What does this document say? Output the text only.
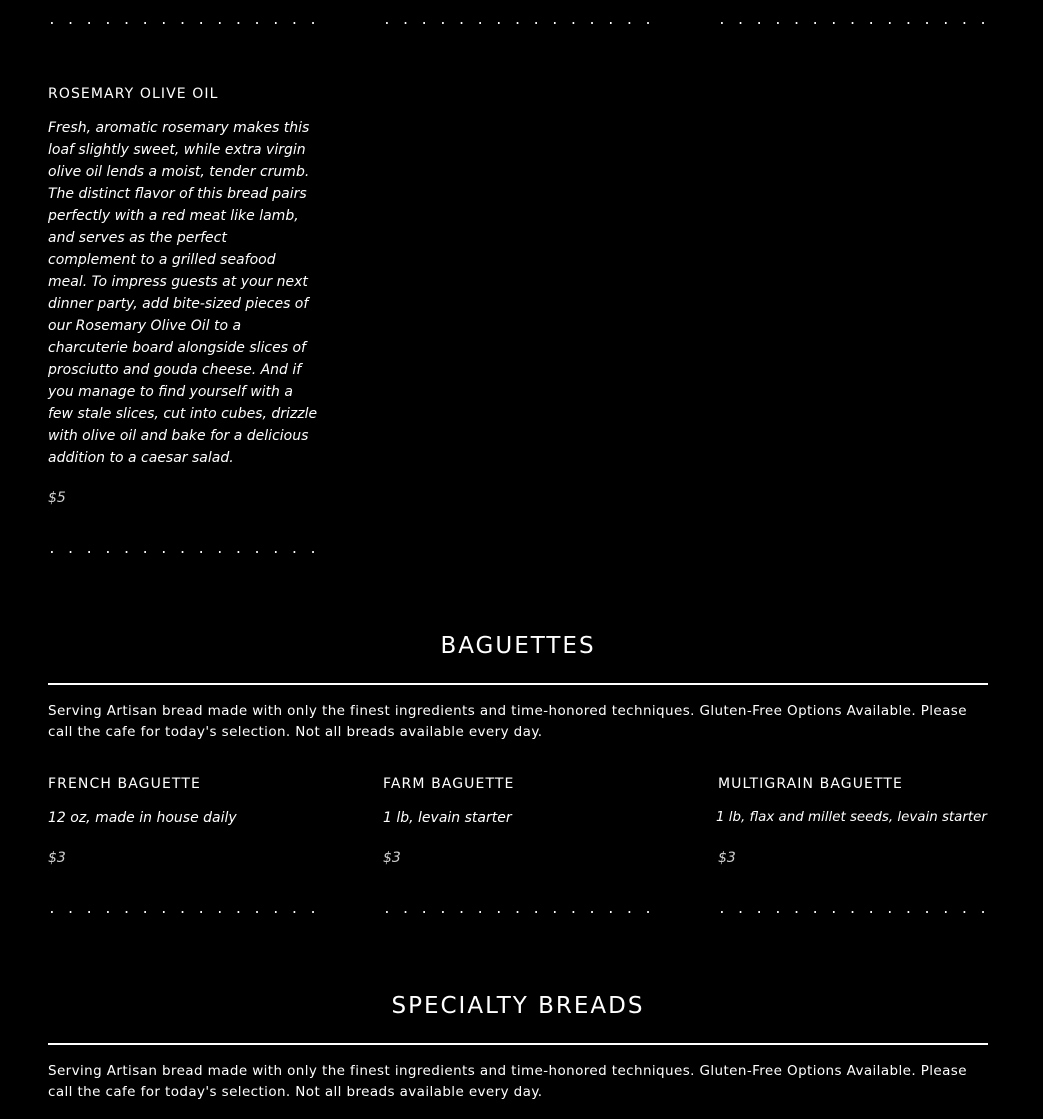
. . .
. . .
. . .
ROSEMARY OLIVE OIL

Fresh, aromatic rosemary makes this loaf slightly sweet, while extra virgin olive oil lends a moist, tender crumb. The distinct flavor of this bread pairs perfectly with a red meat like lamb, and serves as the perfect complement to a grilled seafood meal. To impress guests at your next dinner party, add bite-sized pieces of our Rosemary Olive Oil to a charcuterie board alongside slices of prosciutto and gouda cheese. And if you manage to find yourself with a few stale slices, cut into cubes, drizzle with olive oil and bake for a delicious addition to a caesar salad.

$5

. . .
BAGUETTES

Serving Artisan bread made with only the finest ingredients and time-honored techniques. Gluten-Free Options Available. Please call the cafe for today's selection. Not all breads available every day.

FRENCH BAGUETTE

12 oz, made in house daily

$3

. . .
FARM BAGUETTE

1 lb, levain starter

$3

. . .
MULTIGRAIN BAGUETTE

1 lb, flax and millet seeds, levain starter

$3

. . .
SPECIALTY BREADS

Serving Artisan bread made with only the finest ingredients and time-honored techniques. Gluten-Free Options Available. Please call the cafe for today's selection. Not all breads available every day.
